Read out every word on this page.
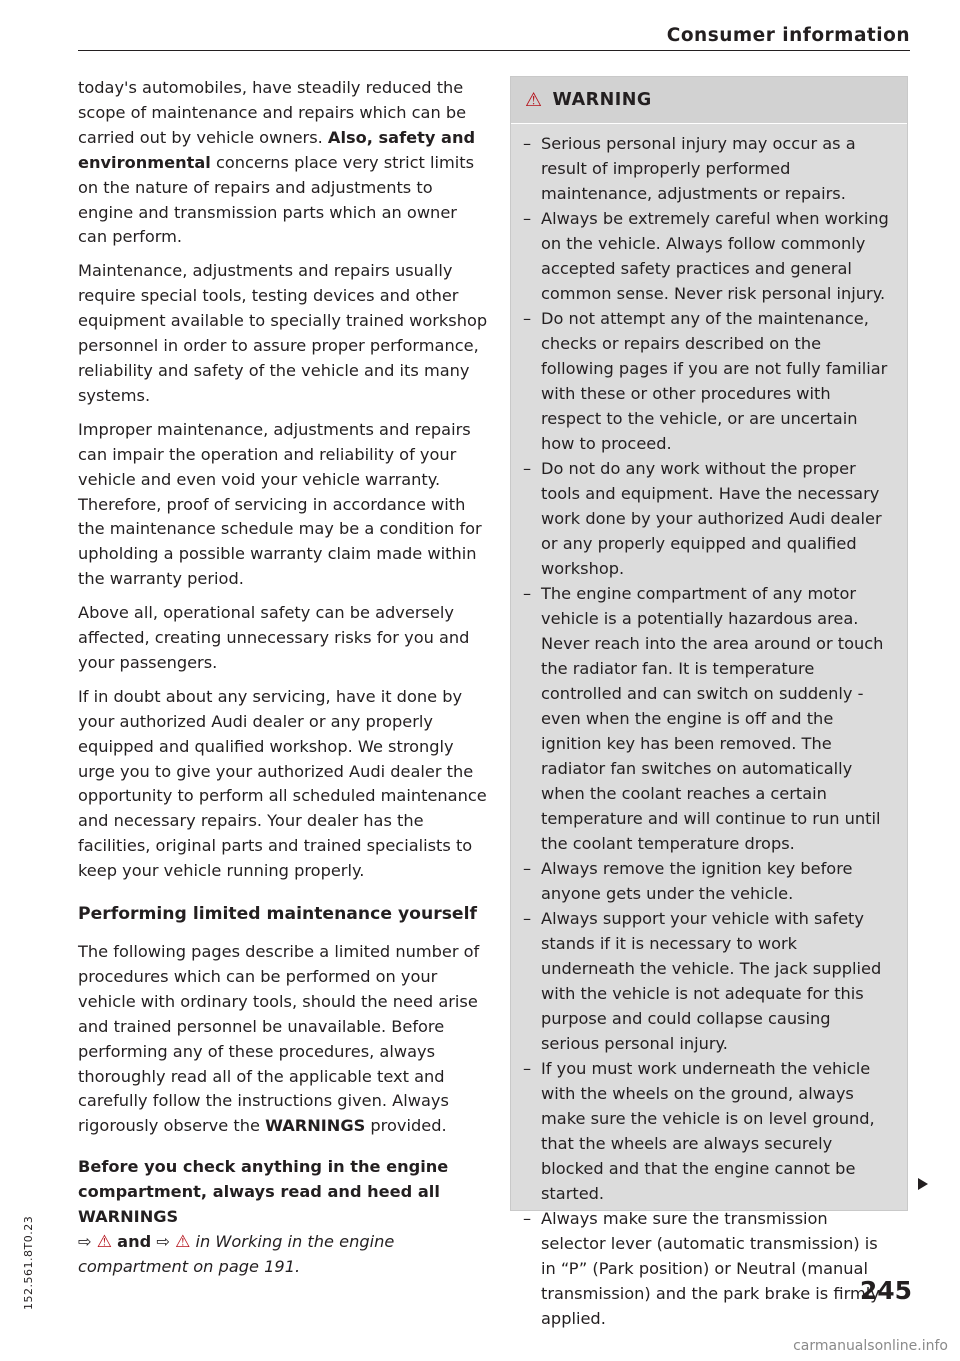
Consumer information

today's automobiles, have steadily reduced the scope of maintenance and repairs which can be carried out by vehicle owners. Also, safety and environmental concerns place very strict limits on the nature of repairs and adjustments to engine and transmission parts which an owner can perform.

Maintenance, adjustments and repairs usually require special tools, testing devices and other equipment available to specially trained workshop personnel in order to assure proper performance, reliability and safety of the vehicle and its many systems.

Improper maintenance, adjustments and repairs can impair the operation and reliability of your vehicle and even void your vehicle warranty. Therefore, proof of servicing in accordance with the maintenance schedule may be a condition for upholding a possible warranty claim made within the warranty period.

Above all, operational safety can be adversely affected, creating unnecessary risks for you and your passengers.

If in doubt about any servicing, have it done by your authorized Audi dealer or any properly equipped and qualified workshop. We strongly urge you to give your authorized Audi dealer the opportunity to perform all scheduled maintenance and necessary repairs. Your dealer has the facilities, original parts and trained specialists to keep your vehicle running properly.

Performing limited maintenance yourself

The following pages describe a limited number of procedures which can be performed on your vehicle with ordinary tools, should the need arise and trained personnel be unavailable. Before performing any of these procedures, always thoroughly read all of the applicable text and carefully follow the instructions given. Always rigorously observe the WARNINGS provided.

Before you check anything in the engine compartment, always read and heed all WARNINGS

⇨ ⚠ and ⇨ ⚠ in Working in the engine compartment on page 191.

⚠ WARNING
– Serious personal injury may occur as a result of improperly performed maintenance, adjustments or repairs.
– Always be extremely careful when working on the vehicle. Always follow commonly accepted safety practices and general common sense. Never risk personal injury.
– Do not attempt any of the maintenance, checks or repairs described on the following pages if you are not fully familiar with these or other procedures with respect to the vehicle, or are uncertain how to proceed.
– Do not do any work without the proper tools and equipment. Have the necessary work done by your authorized Audi dealer or any properly equipped and qualified workshop.
– The engine compartment of any motor vehicle is a potentially hazardous area. Never reach into the area around or touch the radiator fan. It is temperature controlled and can switch on suddenly - even when the engine is off and the ignition key has been removed. The radiator fan switches on automatically when the coolant reaches a certain temperature and will continue to run until the coolant temperature drops.
– Always remove the ignition key before anyone gets under the vehicle.
– Always support your vehicle with safety stands if it is necessary to work underneath the vehicle. The jack supplied with the vehicle is not adequate for this purpose and could collapse causing serious personal injury.
– If you must work underneath the vehicle with the wheels on the ground, always make sure the vehicle is on level ground, that the wheels are always securely blocked and that the engine cannot be started.
– Always make sure the transmission selector lever (automatic transmission) is in “P” (Park position) or Neutral (manual transmission) and the park brake is firmly applied.
152.561.8T0.23	245
carmanualsonline.info
